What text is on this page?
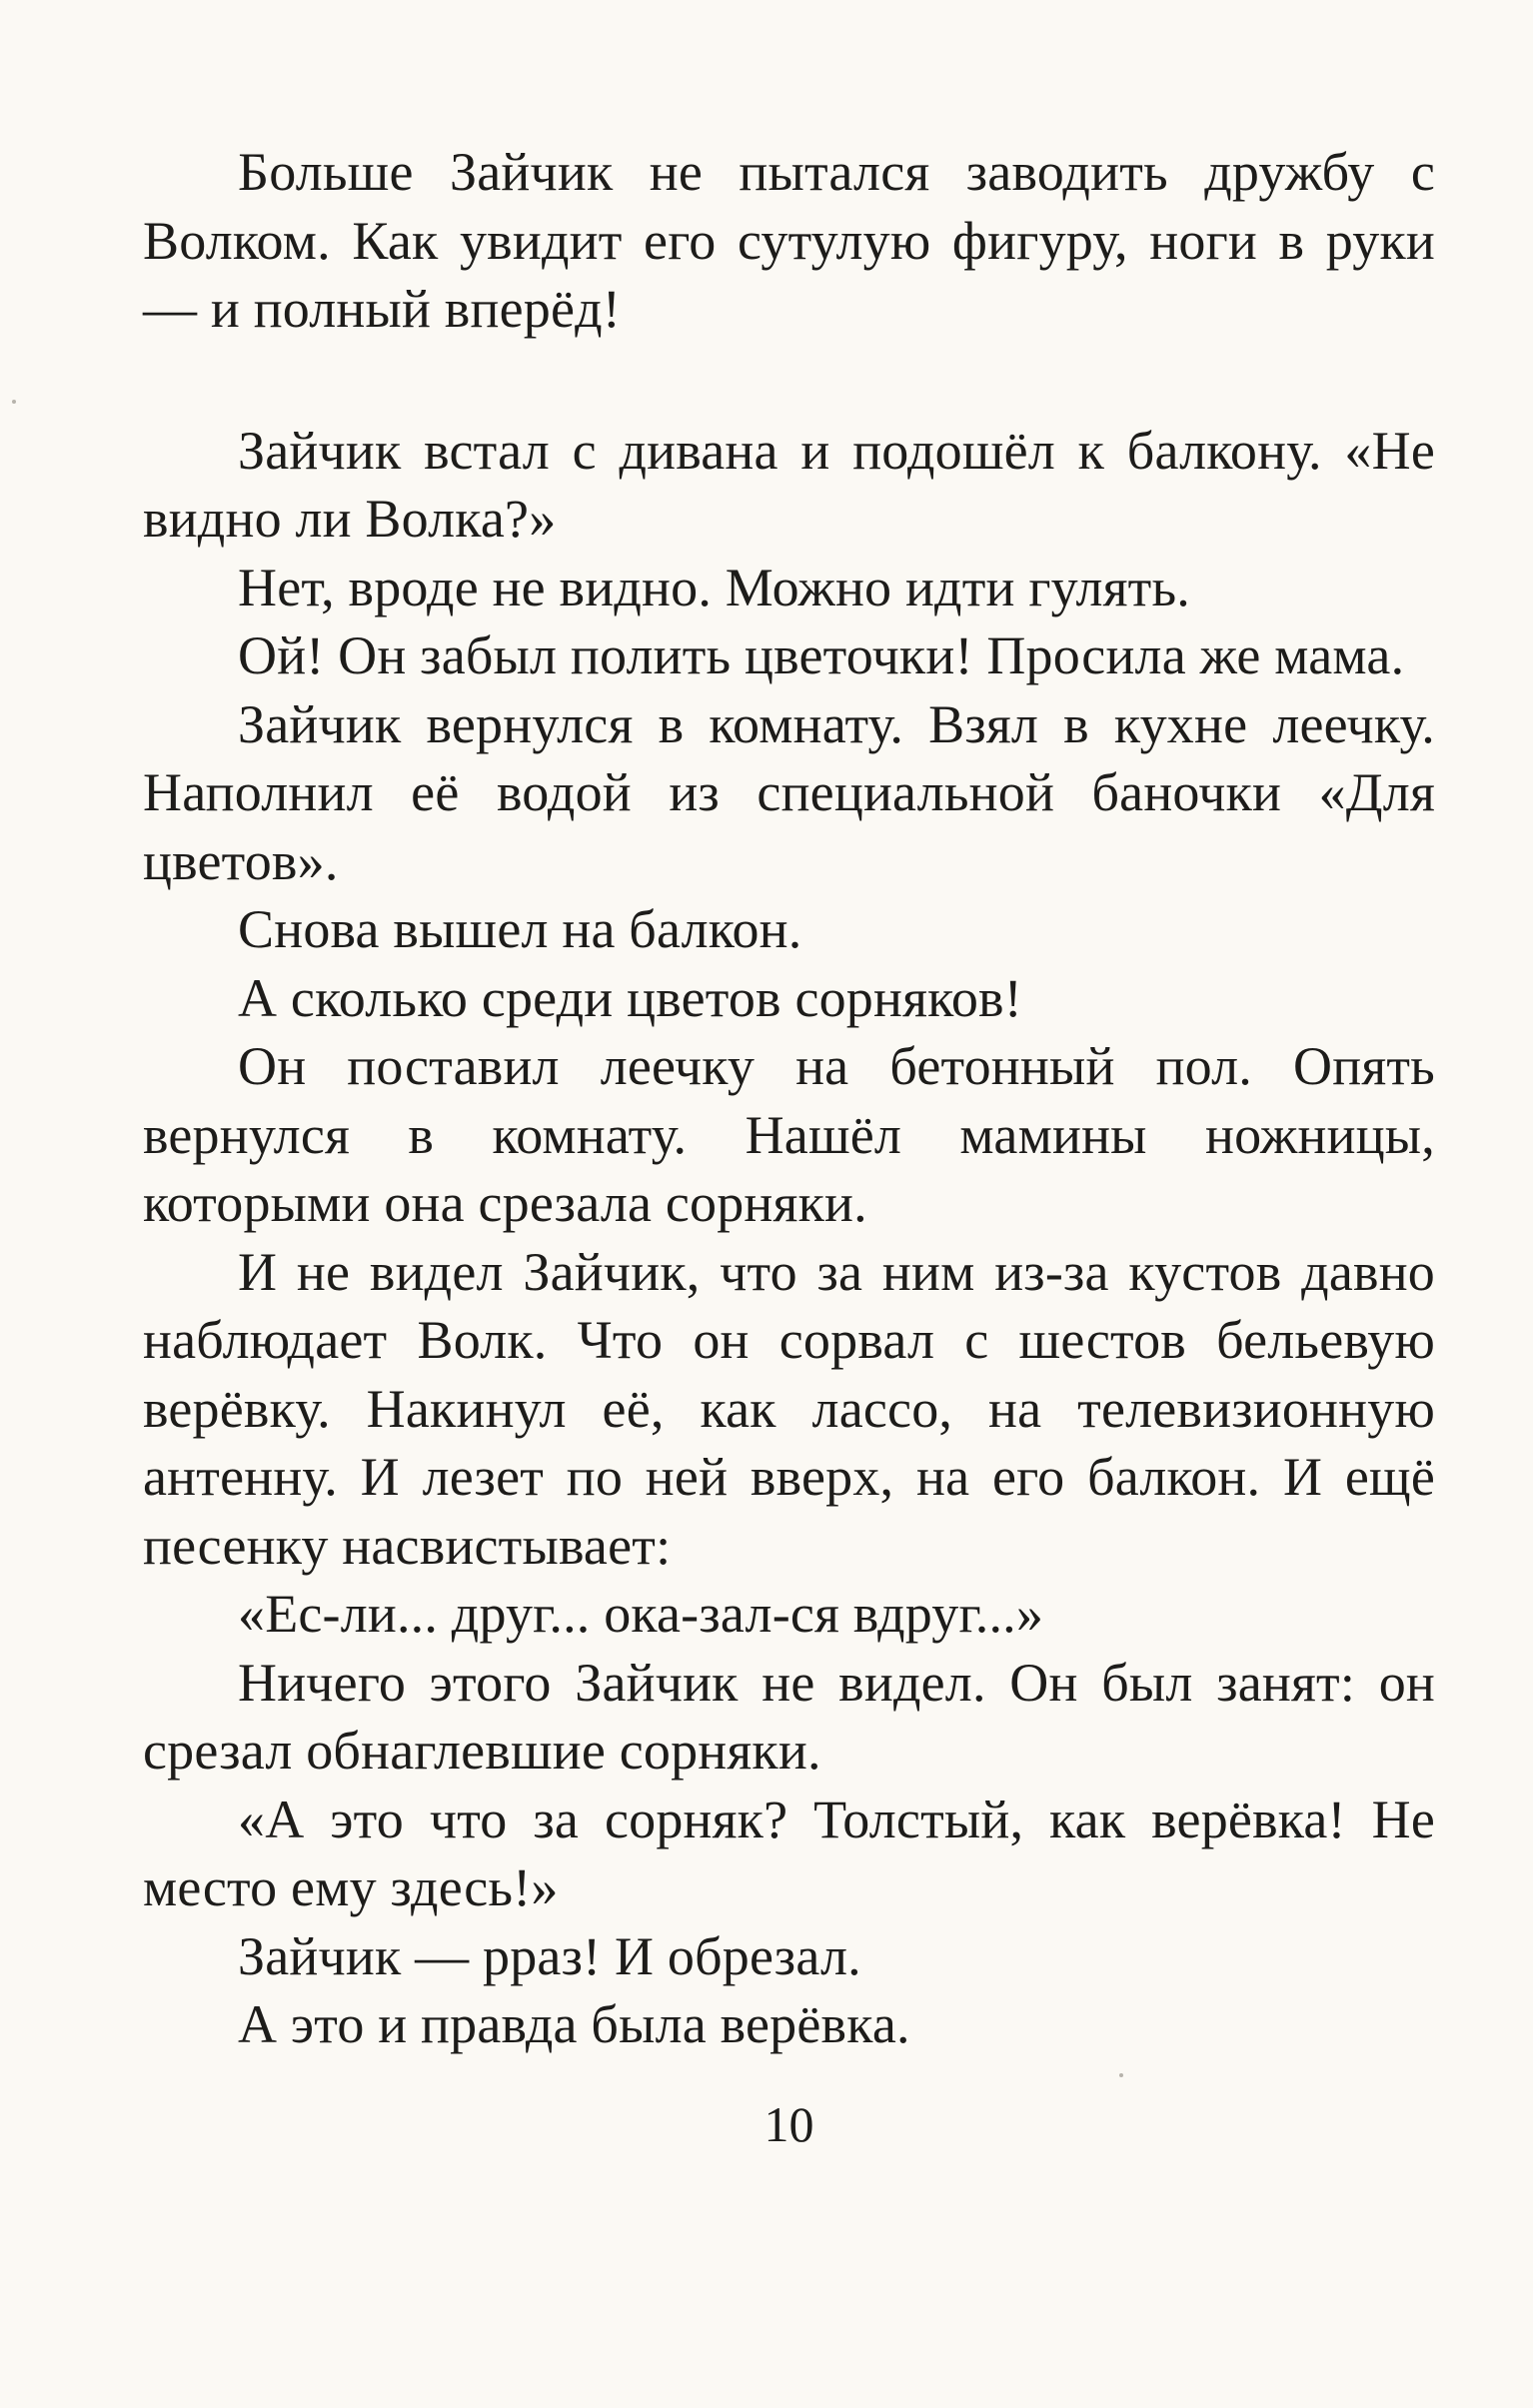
Больше Зайчик не пытался заводить дружбу с Волком. Как увидит его сутулую фигуру, ноги в руки — и полный вперёд!

Зайчик встал с дивана и подошёл к балкону. «Не видно ли Волка?»

Нет, вроде не видно. Можно идти гулять.

Ой! Он забыл полить цветочки! Просила же мама.

Зайчик вернулся в комнату. Взял в кухне леечку. Наполнил её водой из специальной баночки «Для цветов».

Снова вышел на балкон.

А сколько среди цветов сорняков!

Он поставил леечку на бетонный пол. Опять вернулся в комнату. Нашёл мамины ножницы, которыми она срезала сорняки.

И не видел Зайчик, что за ним из-за кустов давно наблюдает Волк. Что он сорвал с шестов бельевую верёвку. Накинул её, как лассо, на телевизионную антенну. И лезет по ней вверх, на его балкон. И ещё песенку насвистывает:

«Ес-ли... друг... ока-зал-ся вдруг...»

Ничего этого Зайчик не видел. Он был занят: он срезал обнаглевшие сорняки.

«А это что за сорняк? Толстый, как верёвка! Не место ему здесь!»

Зайчик — рраз! И обрезал.

А это и правда была верёвка.

10
